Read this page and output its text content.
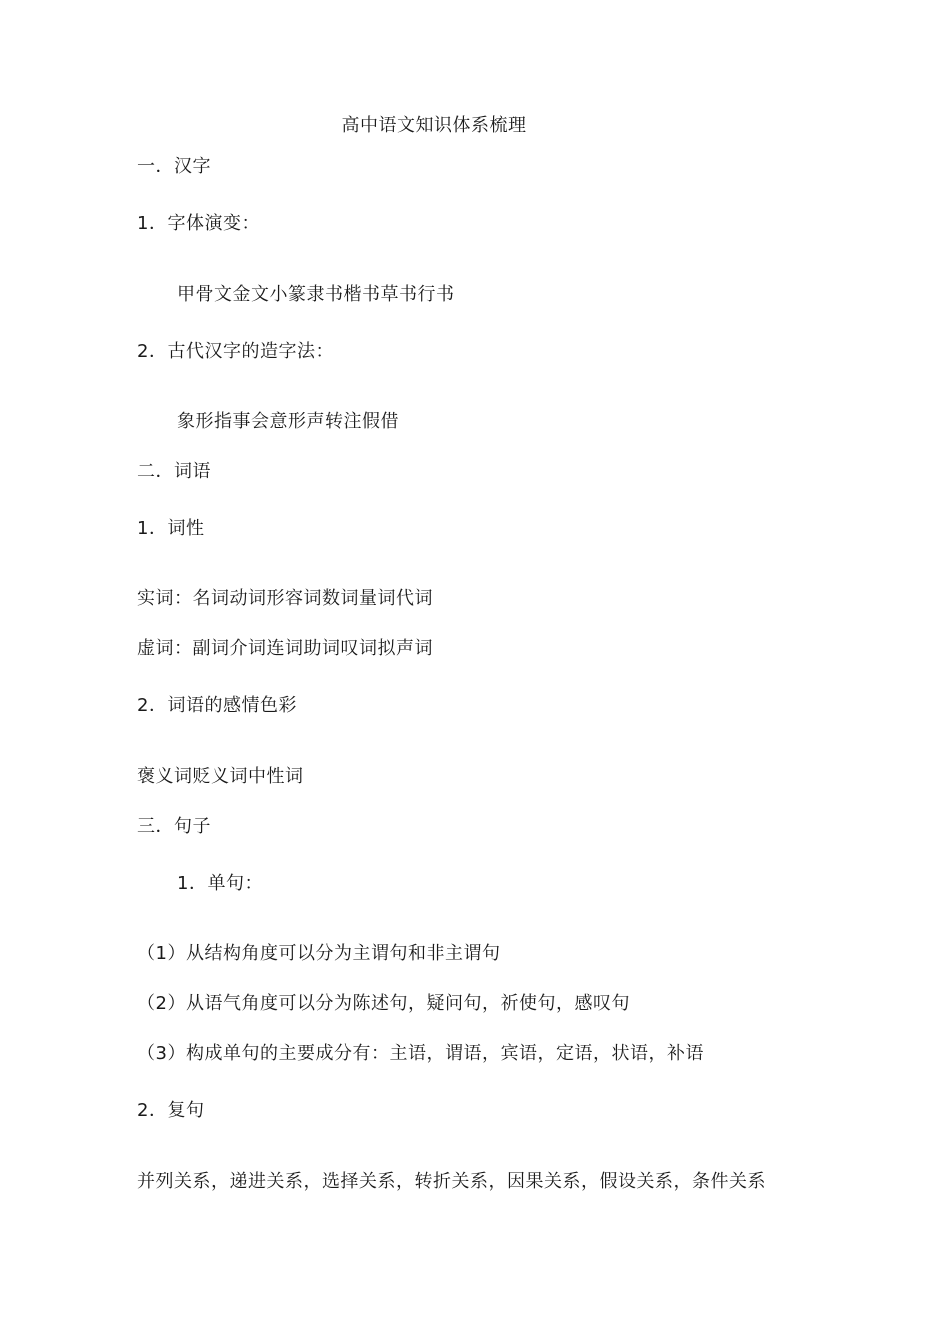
高中语文知识体系梳理
一．汉字
1．字体演变：
甲骨文金文小篆隶书楷书草书行书
2．古代汉字的造字法：
象形指事会意形声转注假借
二．词语
1．词性
实词：名词动词形容词数词量词代词
虚词：副词介词连词助词叹词拟声词
2．词语的感情色彩
褒义词贬义词中性词
三．句子
1．单句：
（1）从结构角度可以分为主谓句和非主谓句
（2）从语气角度可以分为陈述句，疑问句，祈使句，感叹句
（3）构成单句的主要成分有：主语，谓语，宾语，定语，状语，补语
2．复句
并列关系，递进关系，选择关系，转折关系，因果关系，假设关系，条件关系
